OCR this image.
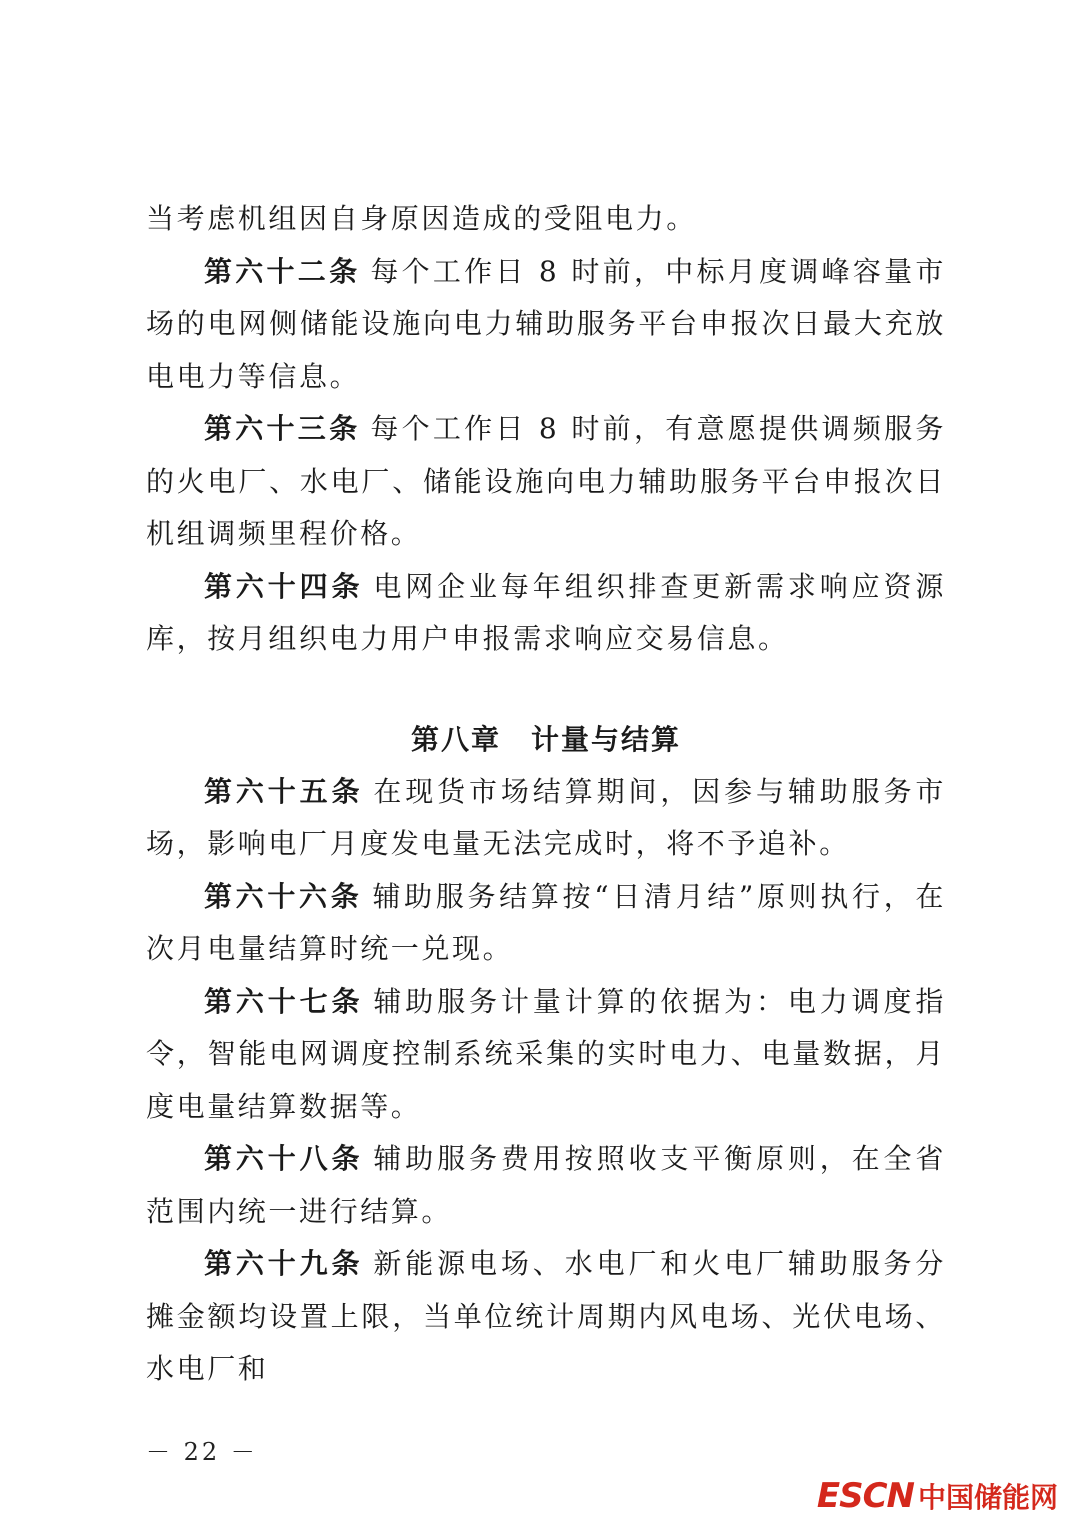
当考虑机组因自身原因造成的受阻电力。

第六十二条 每个工作日 8 时前，中标月度调峰容量市场的电网侧储能设施向电力辅助服务平台申报次日最大充放电电力等信息。

第六十三条 每个工作日 8 时前，有意愿提供调频服务的火电厂、水电厂、储能设施向电力辅助服务平台申报次日机组调频里程价格。

第六十四条 电网企业每年组织排查更新需求响应资源库，按月组织电力用户申报需求响应交易信息。

第八章　计量与结算

第六十五条 在现货市场结算期间，因参与辅助服务市场，影响电厂月度发电量无法完成时，将不予追补。

第六十六条 辅助服务结算按“日清月结”原则执行，在次月电量结算时统一兑现。

第六十七条 辅助服务计量计算的依据为：电力调度指令，智能电网调度控制系统采集的实时电力、电量数据，月度电量结算数据等。

第六十八条 辅助服务费用按照收支平衡原则，在全省范围内统一进行结算。

第六十九条 新能源电场、水电厂和火电厂辅助服务分摊金额均设置上限，当单位统计周期内风电场、光伏电场、水电厂和

－ 22 －
ESCN 中国储能网
